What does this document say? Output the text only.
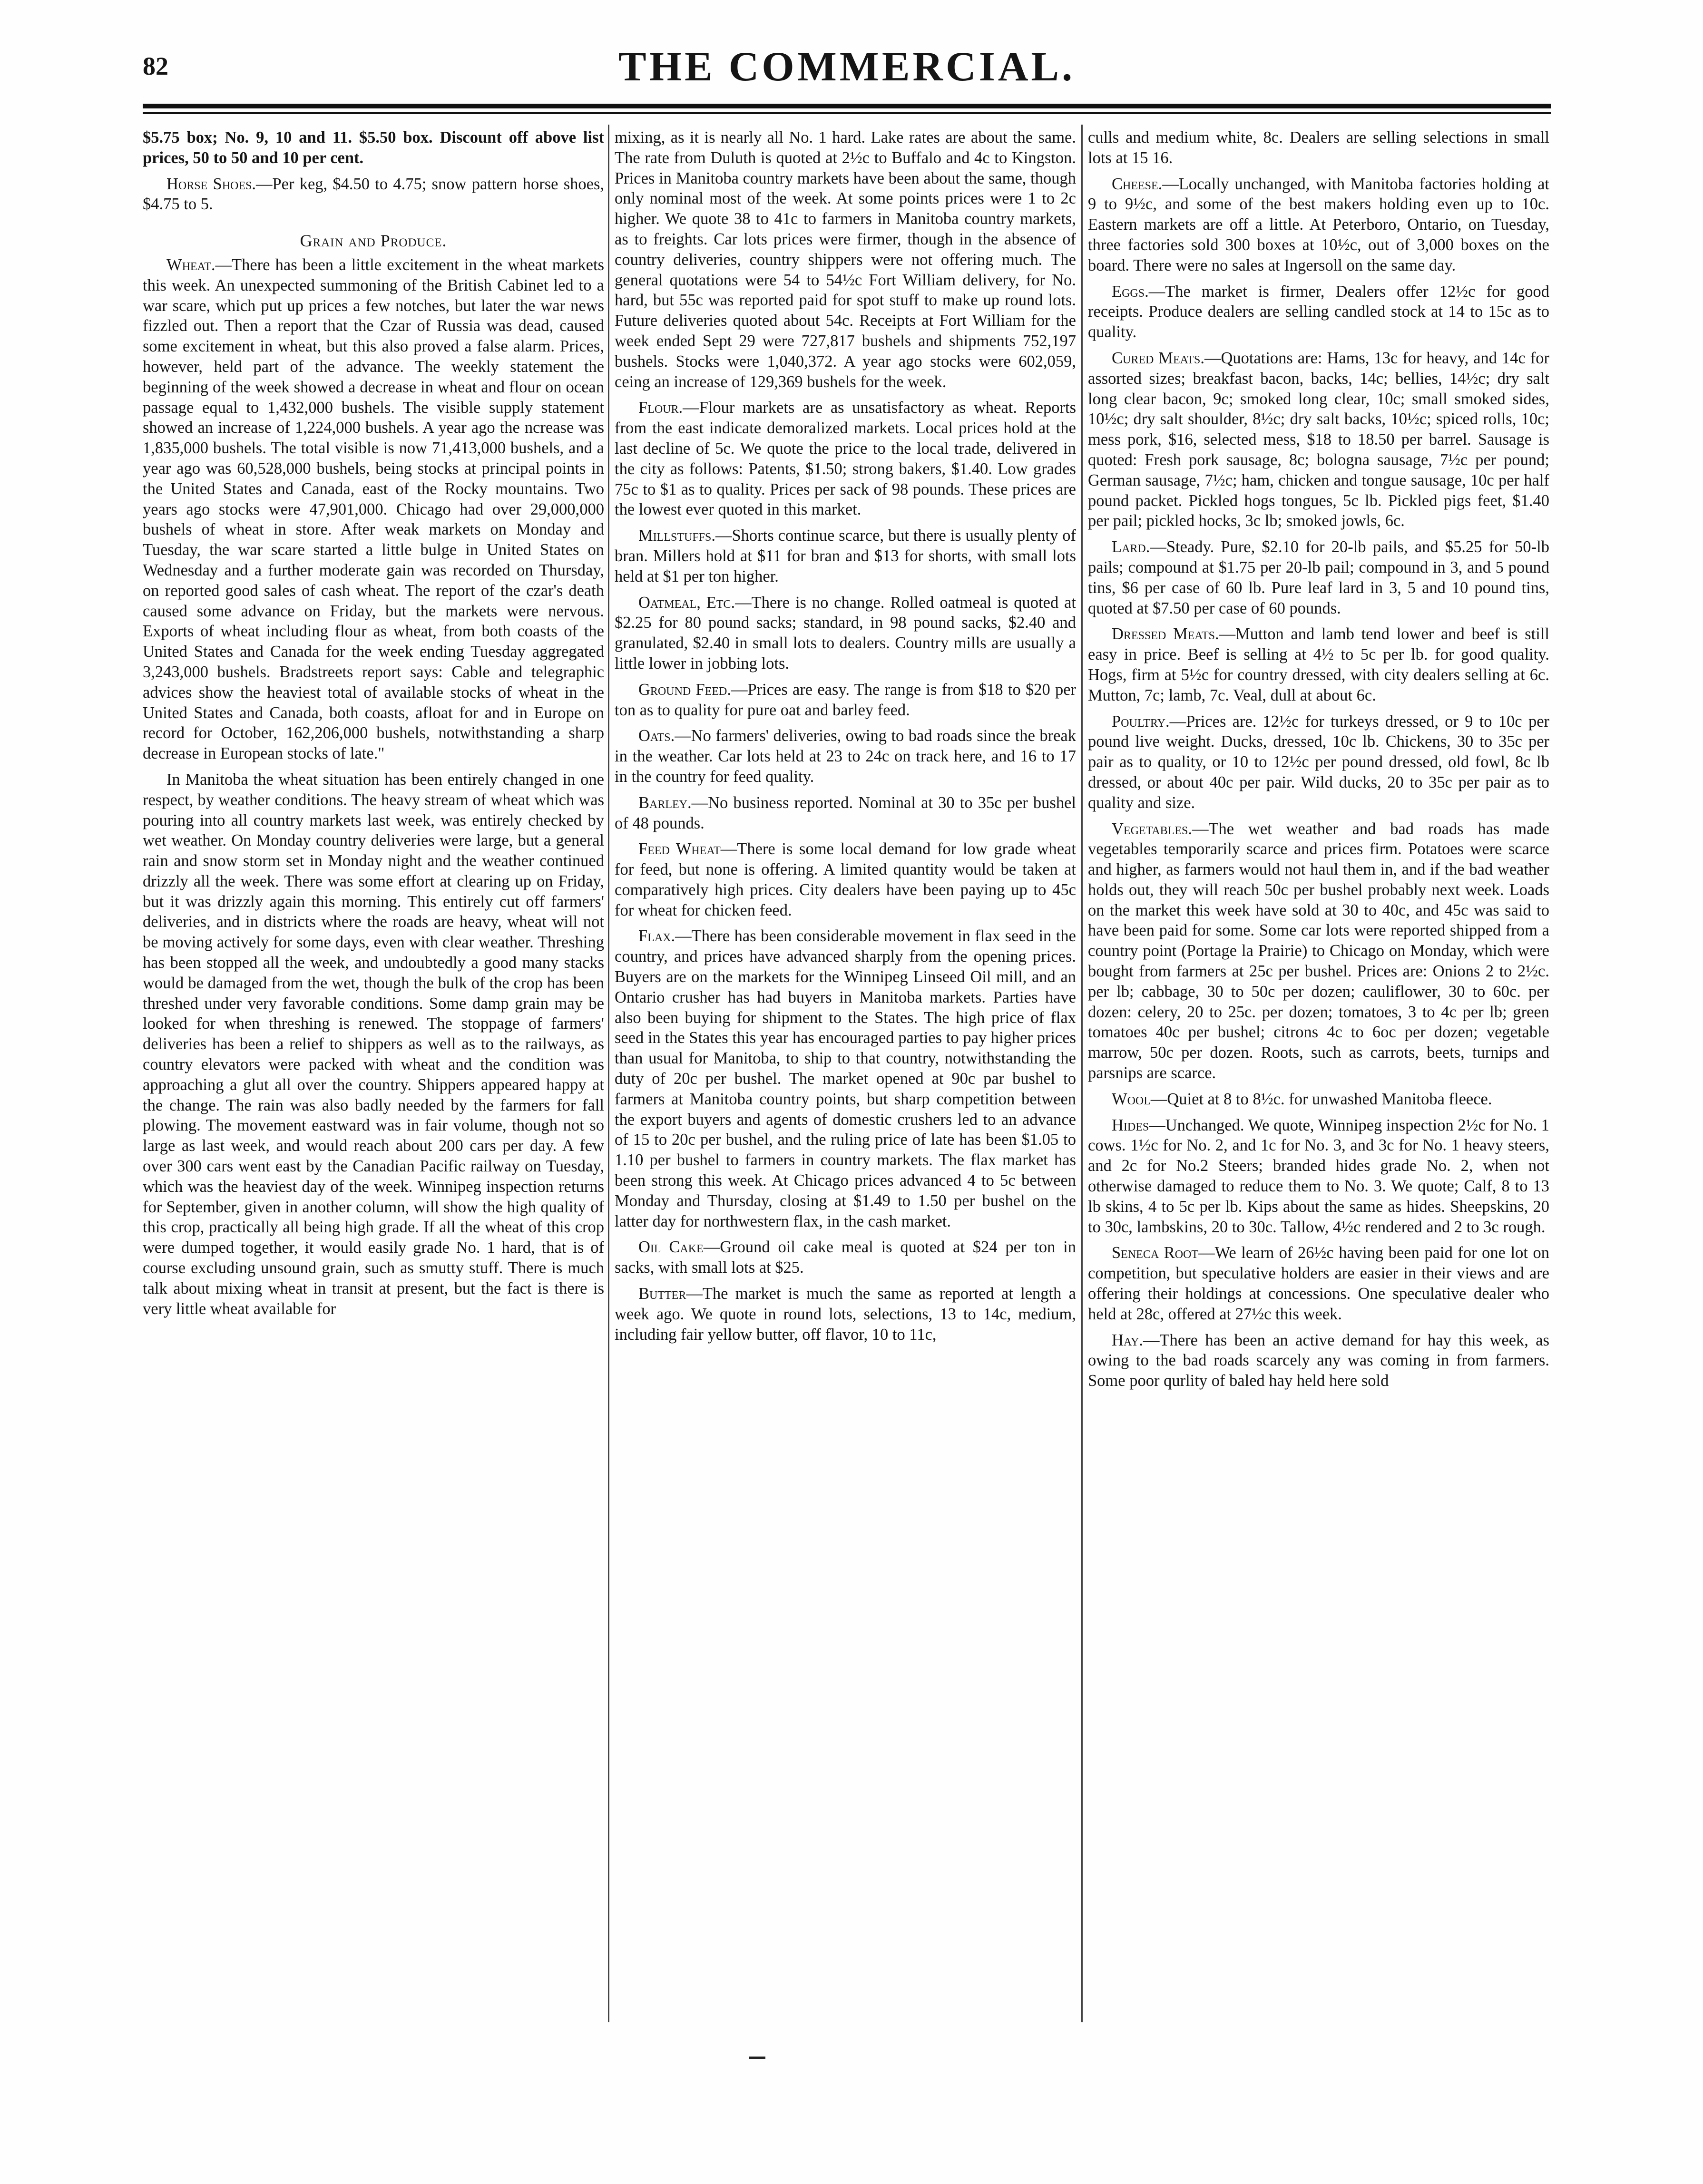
82	THE COMMERCIAL.

$5.75 box; No. 9, 10 and 11. $5.50 box. Discount off above list prices, 50 to 50 and 10 per cent.

Horse Shoes.—Per keg, $4.50 to 4.75; snow pattern horse shoes, $4.75 to 5.

Grain and Produce.

Wheat.—There has been a little excitement in the wheat markets this week. An unexpected summoning of the British Cabinet led to a war scare, which put up prices a few notches, but later the war news fizzled out. Then a report that the Czar of Russia was dead, caused some excitement in wheat, but this also proved a false alarm. Prices, however, held part of the advance. The weekly statement the beginning of the week showed a decrease in wheat and flour on ocean passage equal to 1,432,000 bushels. The visible supply statement showed an increase of 1,224,000 bushels. A year ago the ncrease was 1,835,000 bushels. The total visible is now 71,413,000 bushels, and a year ago was 60,528,000 bushels, being stocks at principal points in the United States and Canada, east of the Rocky mountains. Two years ago stocks were 47,901,000. Chicago had over 29,000,000 bushels of wheat in store. After weak markets on Monday and Tuesday, the war scare started a little bulge in United States on Wednesday and a further moderate gain was recorded on Thursday, on reported good sales of cash wheat. The report of the czar's death caused some advance on Friday, but the markets were nervous. Exports of wheat including flour as wheat, from both coasts of the United States and Canada for the week ending Tuesday aggregated 3,243,000 bushels. Bradstreets report says: Cable and telegraphic advices show the heaviest total of available stocks of wheat in the United States and Canada, both coasts, afloat for and in Europe on record for October, 162,206,000 bushels, notwithstanding a sharp decrease in European stocks of late."

In Manitoba the wheat situation has been entirely changed in one respect, by weather conditions. The heavy stream of wheat which was pouring into all country markets last week, was entirely checked by wet weather. On Monday country deliveries were large, but a general rain and snow storm set in Monday night and the weather continued drizzly all the week. There was some effort at clearing up on Friday, but it was drizzly again this morning. This entirely cut off farmers' deliveries, and in districts where the roads are heavy, wheat will not be moving actively for some days, even with clear weather. Threshing has been stopped all the week, and undoubtedly a good many stacks would be damaged from the wet, though the bulk of the crop has been threshed under very favorable conditions. Some damp grain may be looked for when threshing is renewed. The stoppage of farmers' deliveries has been a relief to shippers as well as to the railways, as country elevators were packed with wheat and the condition was approaching a glut all over the country. Shippers appeared happy at the change. The rain was also badly needed by the farmers for fall plowing. The movement eastward was in fair volume, though not so large as last week, and would reach about 200 cars per day. A few over 300 cars went east by the Canadian Pacific railway on Tuesday, which was the heaviest day of the week. Winnipeg inspection returns for September, given in another column, will show the high quality of this crop, practically all being high grade. If all the wheat of this crop were dumped together, it would easily grade No. 1 hard, that is of course excluding unsound grain, such as smutty stuff. There is much talk about mixing wheat in transit at present, but the fact is there is very little wheat available for

mixing, as it is nearly all No. 1 hard. Lake rates are about the same. The rate from Duluth is quoted at 2½c to Buffalo and 4c to Kingston. Prices in Manitoba country markets have been about the same, though only nominal most of the week. At some points prices were 1 to 2c higher. We quote 38 to 41c to farmers in Manitoba country markets, as to freights. Car lots prices were firmer, though in the absence of country deliveries, country shippers were not offering much. The general quotations were 54 to 54½c Fort William delivery, for No. hard, but 55c was reported paid for spot stuff to make up round lots. Future deliveries quoted about 54c. Receipts at Fort William for the week ended Sept 29 were 727,817 bushels and shipments 752,197 bushels. Stocks were 1,040,372. A year ago stocks were 602,059, ceing an increase of 129,369 bushels for the week.

Flour.—Flour markets are as unsatisfactory as wheat. Reports from the east indicate demoralized markets. Local prices hold at the last decline of 5c. We quote the price to the local trade, delivered in the city as follows: Patents, $1.50; strong bakers, $1.40. Low grades 75c to $1 as to quality. Prices per sack of 98 pounds. These prices are the lowest ever quoted in this market.

Millstuffs.—Shorts continue scarce, but there is usually plenty of bran. Millers hold at $11 for bran and $13 for shorts, with small lots held at $1 per ton higher.

Oatmeal, Etc.—There is no change. Rolled oatmeal is quoted at $2.25 for 80 pound sacks; standard, in 98 pound sacks, $2.40 and granulated, $2.40 in small lots to dealers. Country mills are usually a little lower in jobbing lots.

Ground Feed.—Prices are easy. The range is from $18 to $20 per ton as to quality for pure oat and barley feed.

Oats.—No farmers' deliveries, owing to bad roads since the break in the weather. Car lots held at 23 to 24c on track here, and 16 to 17 in the country for feed quality.

Barley.—No business reported. Nominal at 30 to 35c per bushel of 48 pounds.

Feed Wheat—There is some local demand for low grade wheat for feed, but none is offering. A limited quantity would be taken at comparatively high prices. City dealers have been paying up to 45c for wheat for chicken feed.

Flax.—There has been considerable movement in flax seed in the country, and prices have advanced sharply from the opening prices. Buyers are on the markets for the Winnipeg Linseed Oil mill, and an Ontario crusher has had buyers in Manitoba markets. Parties have also been buying for shipment to the States. The high price of flax seed in the States this year has encouraged parties to pay higher prices than usual for Manitoba, to ship to that country, notwithstanding the duty of 20c per bushel. The market opened at 90c par bushel to farmers at Manitoba country points, but sharp competition between the export buyers and agents of domestic crushers led to an advance of 15 to 20c per bushel, and the ruling price of late has been $1.05 to 1.10 per bushel to farmers in country markets. The flax market has been strong this week. At Chicago prices advanced 4 to 5c between Monday and Thursday, closing at $1.49 to 1.50 per bushel on the latter day for northwestern flax, in the cash market.

Oil Cake—Ground oil cake meal is quoted at $24 per ton in sacks, with small lots at $25.

Butter—The market is much the same as reported at length a week ago. We quote in round lots, selections, 13 to 14c, medium, including fair yellow butter, off flavor, 10 to 11c,

culls and medium white, 8c. Dealers are selling selections in small lots at 15 16.

Cheese.—Locally unchanged, with Manitoba factories holding at 9 to 9½c, and some of the best makers holding even up to 10c. Eastern markets are off a little. At Peterboro, Ontario, on Tuesday, three factories sold 300 boxes at 10½c, out of 3,000 boxes on the board. There were no sales at Ingersoll on the same day.

Eggs.—The market is firmer, Dealers offer 12½c for good receipts. Produce dealers are selling candled stock at 14 to 15c as to quality.

Cured Meats.—Quotations are: Hams, 13c for heavy, and 14c for assorted sizes; breakfast bacon, backs, 14c; bellies, 14½c; dry salt long clear bacon, 9c; smoked long clear, 10c; small smoked sides, 10½c; dry salt shoulder, 8½c; dry salt backs, 10½c; spiced rolls, 10c; mess pork, $16, selected mess, $18 to 18.50 per barrel. Sausage is quoted: Fresh pork sausage, 8c; bologna sausage, 7½c per pound; German sausage, 7½c; ham, chicken and tongue sausage, 10c per half pound packet. Pickled hogs tongues, 5c lb. Pickled pigs feet, $1.40 per pail; pickled hocks, 3c lb; smoked jowls, 6c.

Lard.—Steady. Pure, $2.10 for 20-lb pails, and $5.25 for 50-lb pails; compound at $1.75 per 20-lb pail; compound in 3, and 5 pound tins, $6 per case of 60 lb. Pure leaf lard in 3, 5 and 10 pound tins, quoted at $7.50 per case of 60 pounds.

Dressed Meats.—Mutton and lamb tend lower and beef is still easy in price. Beef is selling at 4½ to 5c per lb. for good quality. Hogs, firm at 5½c for country dressed, with city dealers selling at 6c. Mutton, 7c; lamb, 7c. Veal, dull at about 6c.

Poultry.—Prices are. 12½c for turkeys dressed, or 9 to 10c per pound live weight. Ducks, dressed, 10c lb. Chickens, 30 to 35c per pair as to quality, or 10 to 12½c per pound dressed, old fowl, 8c lb dressed, or about 40c per pair. Wild ducks, 20 to 35c per pair as to quality and size.

Vegetables.—The wet weather and bad roads has made vegetables temporarily scarce and prices firm. Potatoes were scarce and higher, as farmers would not haul them in, and if the bad weather holds out, they will reach 50c per bushel probably next week. Loads on the market this week have sold at 30 to 40c, and 45c was said to have been paid for some. Some car lots were reported shipped from a country point (Portage la Prairie) to Chicago on Monday, which were bought from farmers at 25c per bushel. Prices are: Onions 2 to 2½c. per lb; cabbage, 30 to 50c per dozen; cauliflower, 30 to 60c. per dozen: celery, 20 to 25c. per dozen; tomatoes, 3 to 4c per lb; green tomatoes 40c per bushel; citrons 4c to 6oc per dozen; vegetable marrow, 50c per dozen. Roots, such as carrots, beets, turnips and parsnips are scarce.

Wool—Quiet at 8 to 8½c. for unwashed Manitoba fleece.

Hides—Unchanged. We quote, Winnipeg inspection 2½c for No. 1 cows. 1½c for No. 2, and 1c for No. 3, and 3c for No. 1 heavy steers, and 2c for No.2 Steers; branded hides grade No. 2, when not otherwise damaged to reduce them to No. 3. We quote; Calf, 8 to 13 lb skins, 4 to 5c per lb. Kips about the same as hides. Sheepskins, 20 to 30c, lambskins, 20 to 30c. Tallow, 4½c rendered and 2 to 3c rough.

Seneca Root—We learn of 26½c having been paid for one lot on competition, but speculative holders are easier in their views and are offering their holdings at concessions. One speculative dealer who held at 28c, offered at 27½c this week.

Hay.—There has been an active demand for hay this week, as owing to the bad roads scarcely any was coming in from farmers. Some poor qurlity of baled hay held here sold
